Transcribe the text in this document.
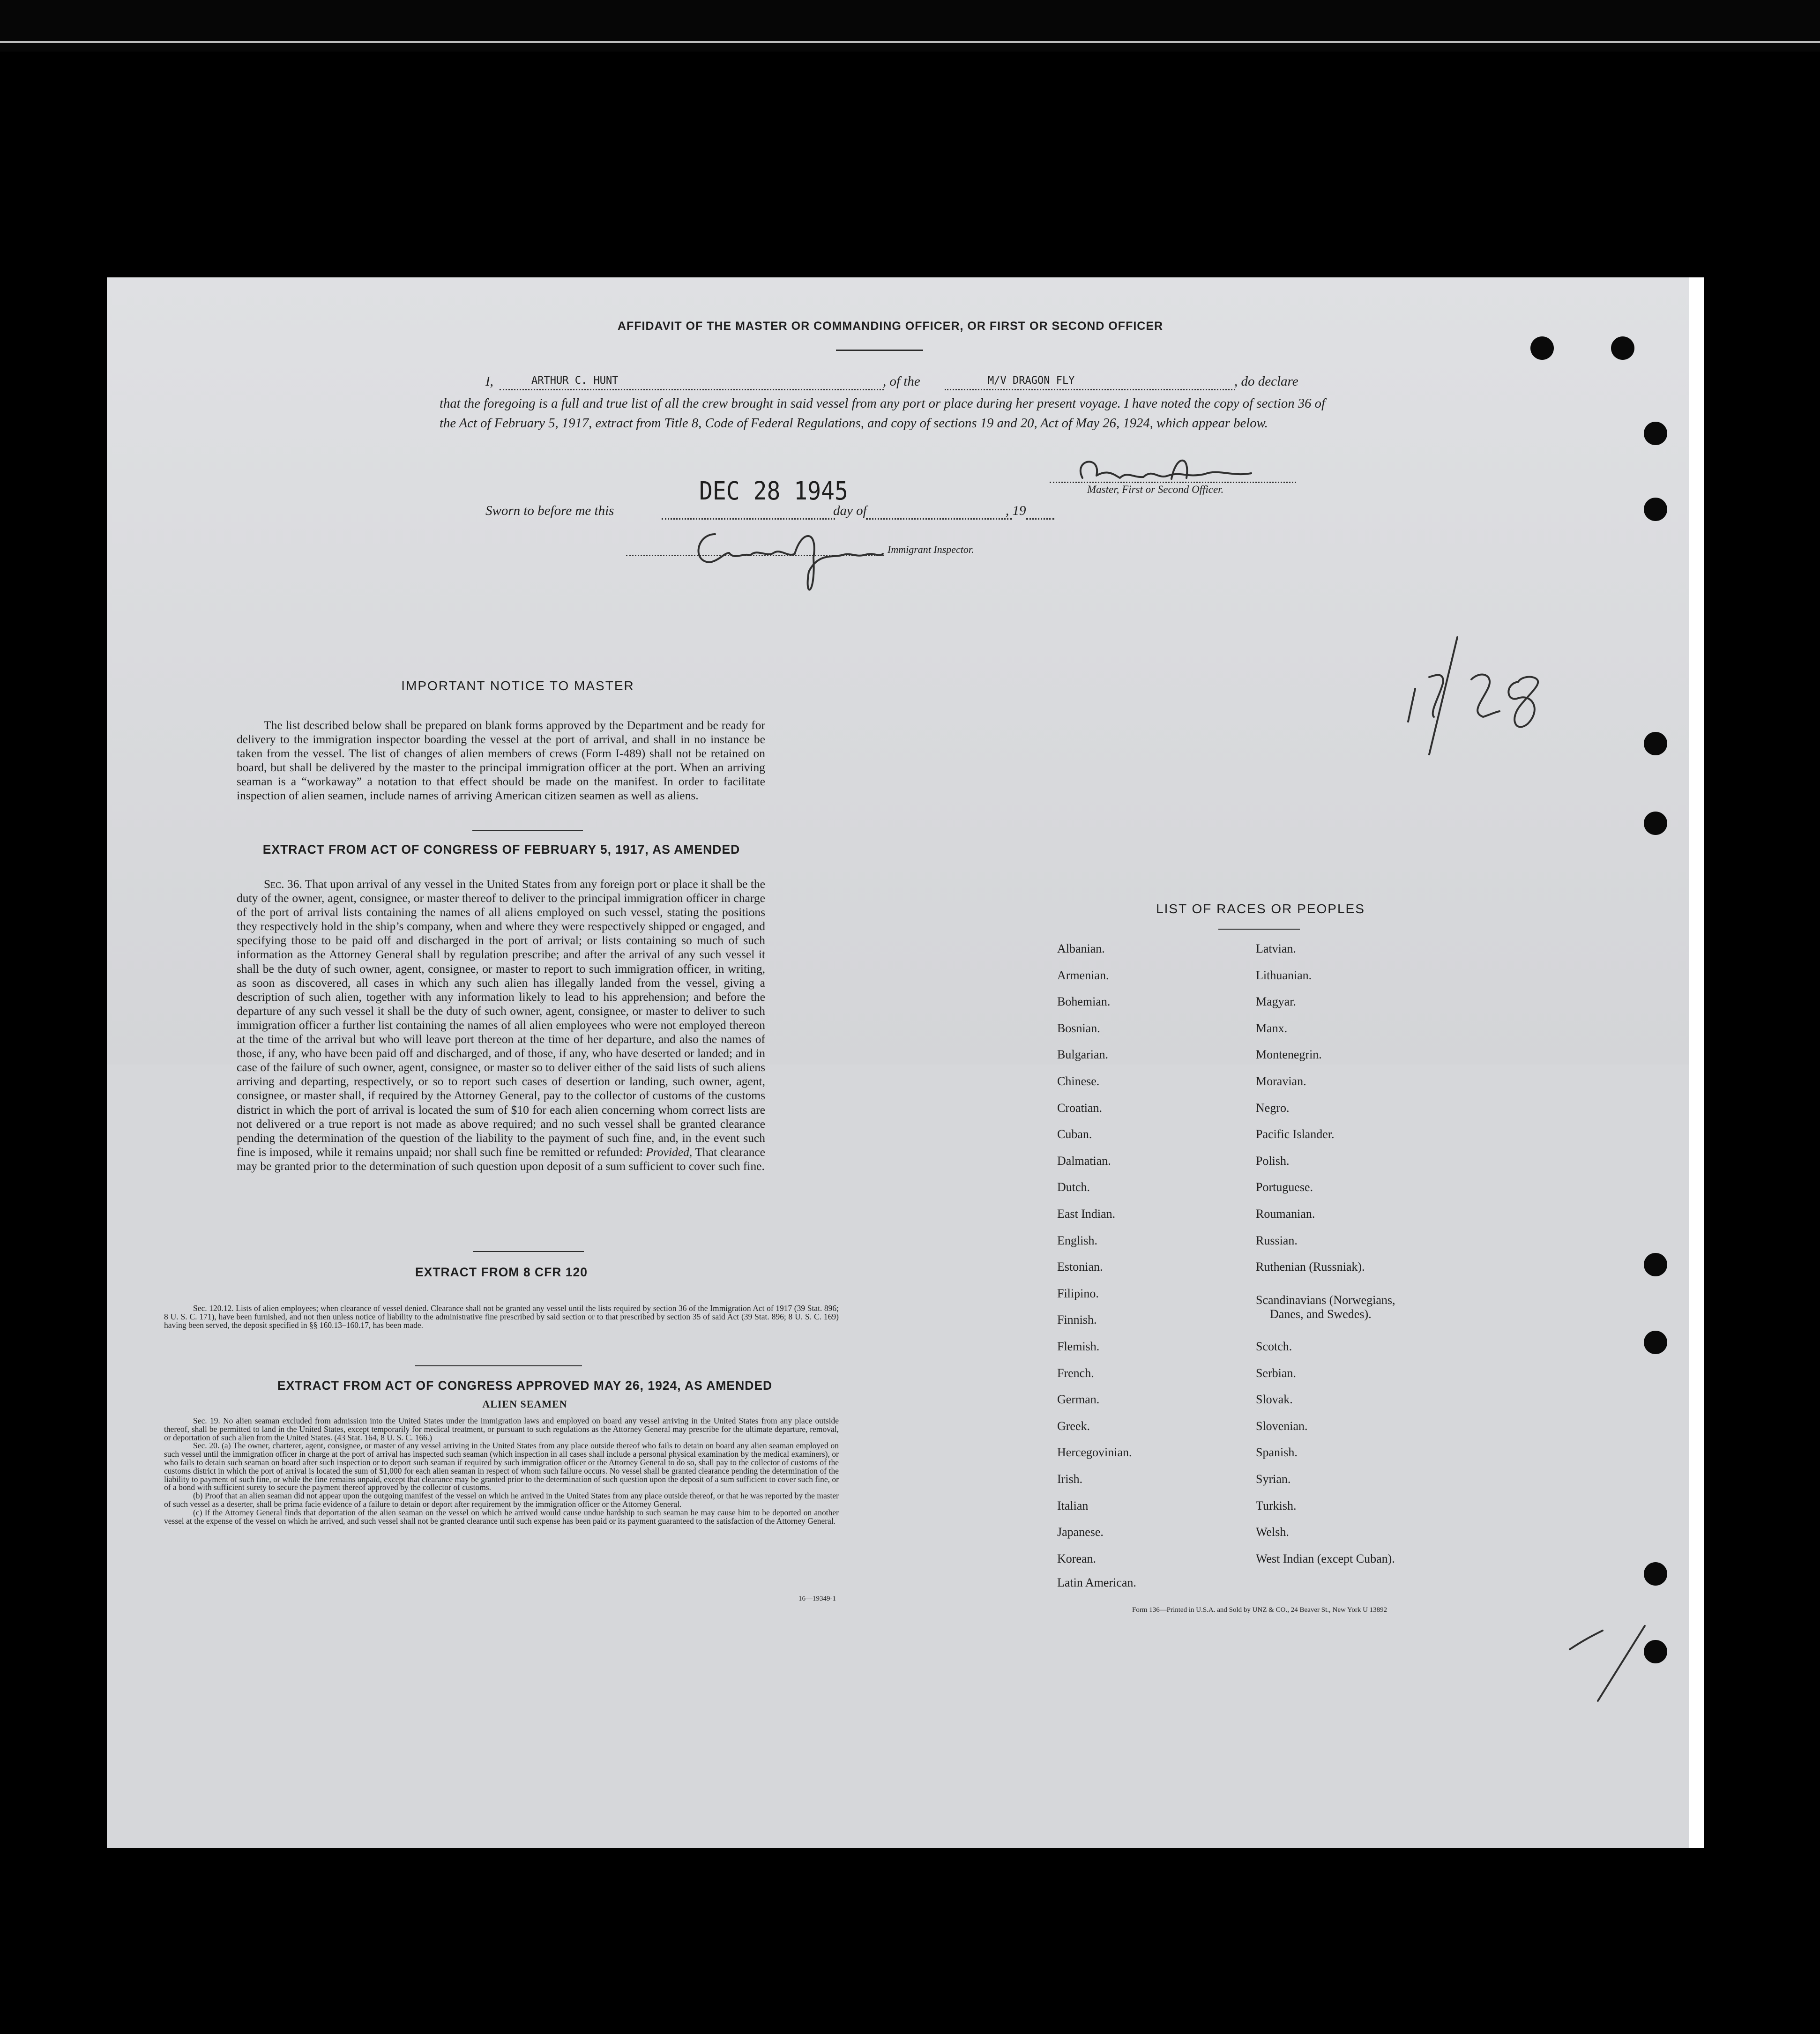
AFFIDAVIT OF THE MASTER OR COMMANDING OFFICER, OR FIRST OR SECOND OFFICER
I,	ARTHUR C. HUNT	, of the	M/V DRAGON FLY	, do declare
that the foregoing is a full and true list of all the crew brought in said vessel from any port or place during her present voyage. I have noted the copy of section 36 of the Act of February 5, 1917, extract from Title 8, Code of Federal Regulations, and copy of sections 19 and 20, Act of May 26, 1924, which appear below.
Master, First or Second Officer.
Sworn to before me this
DEC 28 1945
day of	, 19
Immigrant Inspector.
IMPORTANT NOTICE TO MASTER
The list described below shall be prepared on blank forms approved by the Department and be ready for delivery to the immigration inspector boarding the vessel at the port of arrival, and shall in no instance be taken from the vessel. The list of changes of alien members of crews (Form I-489) shall not be retained on board, but shall be delivered by the master to the principal immigration officer at the port. When an arriving seaman is a “workaway” a notation to that effect should be made on the manifest. In order to facilitate inspection of alien seamen, include names of arriving American citizen seamen as well as aliens.
EXTRACT FROM ACT OF CONGRESS OF FEBRUARY 5, 1917, AS AMENDED
Sec. 36. That upon arrival of any vessel in the United States from any foreign port or place it shall be the duty of the owner, agent, consignee, or master thereof to deliver to the principal immigration officer in charge of the port of arrival lists containing the names of all aliens employed on such vessel, stating the positions they respectively hold in the ship’s company, when and where they were respectively shipped or engaged, and specifying those to be paid off and discharged in the port of arrival; or lists containing so much of such information as the Attorney General shall by regulation prescribe; and after the arrival of any such vessel it shall be the duty of such owner, agent, consignee, or master to report to such immigration officer, in writing, as soon as discovered, all cases in which any such alien has illegally landed from the vessel, giving a description of such alien, together with any information likely to lead to his apprehension; and before the departure of any such vessel it shall be the duty of such owner, agent, consignee, or master to deliver to such immigration officer a further list containing the names of all alien employees who were not employed thereon at the time of the arrival but who will leave port thereon at the time of her departure, and also the names of those, if any, who have been paid off and discharged, and of those, if any, who have deserted or landed; and in case of the failure of such owner, agent, consignee, or master so to deliver either of the said lists of such aliens arriving and departing, respectively, or so to report such cases of desertion or landing, such owner, agent, consignee, or master shall, if required by the Attorney General, pay to the collector of customs of the customs district in which the port of arrival is located the sum of $10 for each alien concerning whom correct lists are not delivered or a true report is not made as above required; and no such vessel shall be granted clearance pending the determination of the question of the liability to the payment of such fine, and, in the event such fine is imposed, while it remains unpaid; nor shall such fine be remitted or refunded: Provided, That clearance may be granted prior to the determination of such question upon deposit of a sum sufficient to cover such fine.
EXTRACT FROM 8 CFR 120
Sec. 120.12. Lists of alien employees; when clearance of vessel denied. Clearance shall not be granted any vessel until the lists required by section 36 of the Immigration Act of 1917 (39 Stat. 896; 8 U. S. C. 171), have been furnished, and not then unless notice of liability to the administrative fine prescribed by said section or to that prescribed by section 35 of said Act (39 Stat. 896; 8 U. S. C. 169) having been served, the deposit specified in §§ 160.13–160.17, has been made.
EXTRACT FROM ACT OF CONGRESS APPROVED MAY 26, 1924, AS AMENDED
ALIEN SEAMEN
Sec. 19. No alien seaman excluded from admission into the United States under the immigration laws and employed on board any vessel arriving in the United States from any place outside thereof, shall be permitted to land in the United States, except temporarily for medical treatment, or pursuant to such regulations as the Attorney General may prescribe for the ultimate departure, removal, or deportation of such alien from the United States. (43 Stat. 164, 8 U. S. C. 166.)
Sec. 20. (a) The owner, charterer, agent, consignee, or master of any vessel arriving in the United States from any place outside thereof who fails to detain on board any alien seaman employed on such vessel until the immigration officer in charge at the port of arrival has inspected such seaman (which inspection in all cases shall include a personal physical examination by the medical examiners), or who fails to detain such seaman on board after such inspection or to deport such seaman if required by such immigration officer or the Attorney General to do so, shall pay to the collector of customs of the customs district in which the port of arrival is located the sum of $1,000 for each alien seaman in respect of whom such failure occurs. No vessel shall be granted clearance pending the determination of the liability to payment of such fine, or while the fine remains unpaid, except that clearance may be granted prior to the determination of such question upon the deposit of a sum sufficient to cover such fine, or of a bond with sufficient surety to secure the payment thereof approved by the collector of customs.
(b) Proof that an alien seaman did not appear upon the outgoing manifest of the vessel on which he arrived in the United States from any place outside thereof, or that he was reported by the master of such vessel as a deserter, shall be prima facie evidence of a failure to detain or deport after requirement by the immigration officer or the Attorney General.
(c) If the Attorney General finds that deportation of the alien seaman on the vessel on which he arrived would cause undue hardship to such seaman he may cause him to be deported on another vessel at the expense of the vessel on which he arrived, and such vessel shall not be granted clearance until such expense has been paid or its payment guaranteed to the satisfaction of the Attorney General.
16—19349-1
LIST OF RACES OR PEOPLES
Albanian.
Armenian.
Bohemian.
Bosnian.
Bulgarian.
Chinese.
Croatian.
Cuban.
Dalmatian.
Dutch.
East Indian.
English.
Estonian.
Filipino.
Finnish.
Flemish.
French.
German.
Greek.
Hercegovinian.
Irish.
Italian
Japanese.
Korean.
Latin American.
Latvian.
Lithuanian.
Magyar.
Manx.
Montenegrin.
Moravian.
Negro.
Pacific Islander.
Polish.
Portuguese.
Roumanian.
Russian.
Ruthenian (Russniak).
Scandinavians (Norwegians,
Danes, and Swedes).
Scotch.
Serbian.
Slovak.
Slovenian.
Spanish.
Syrian.
Turkish.
Welsh.
West Indian (except Cuban).
Form 136—Printed in U.S.A. and Sold by UNZ & CO., 24 Beaver St., New York U 13892
